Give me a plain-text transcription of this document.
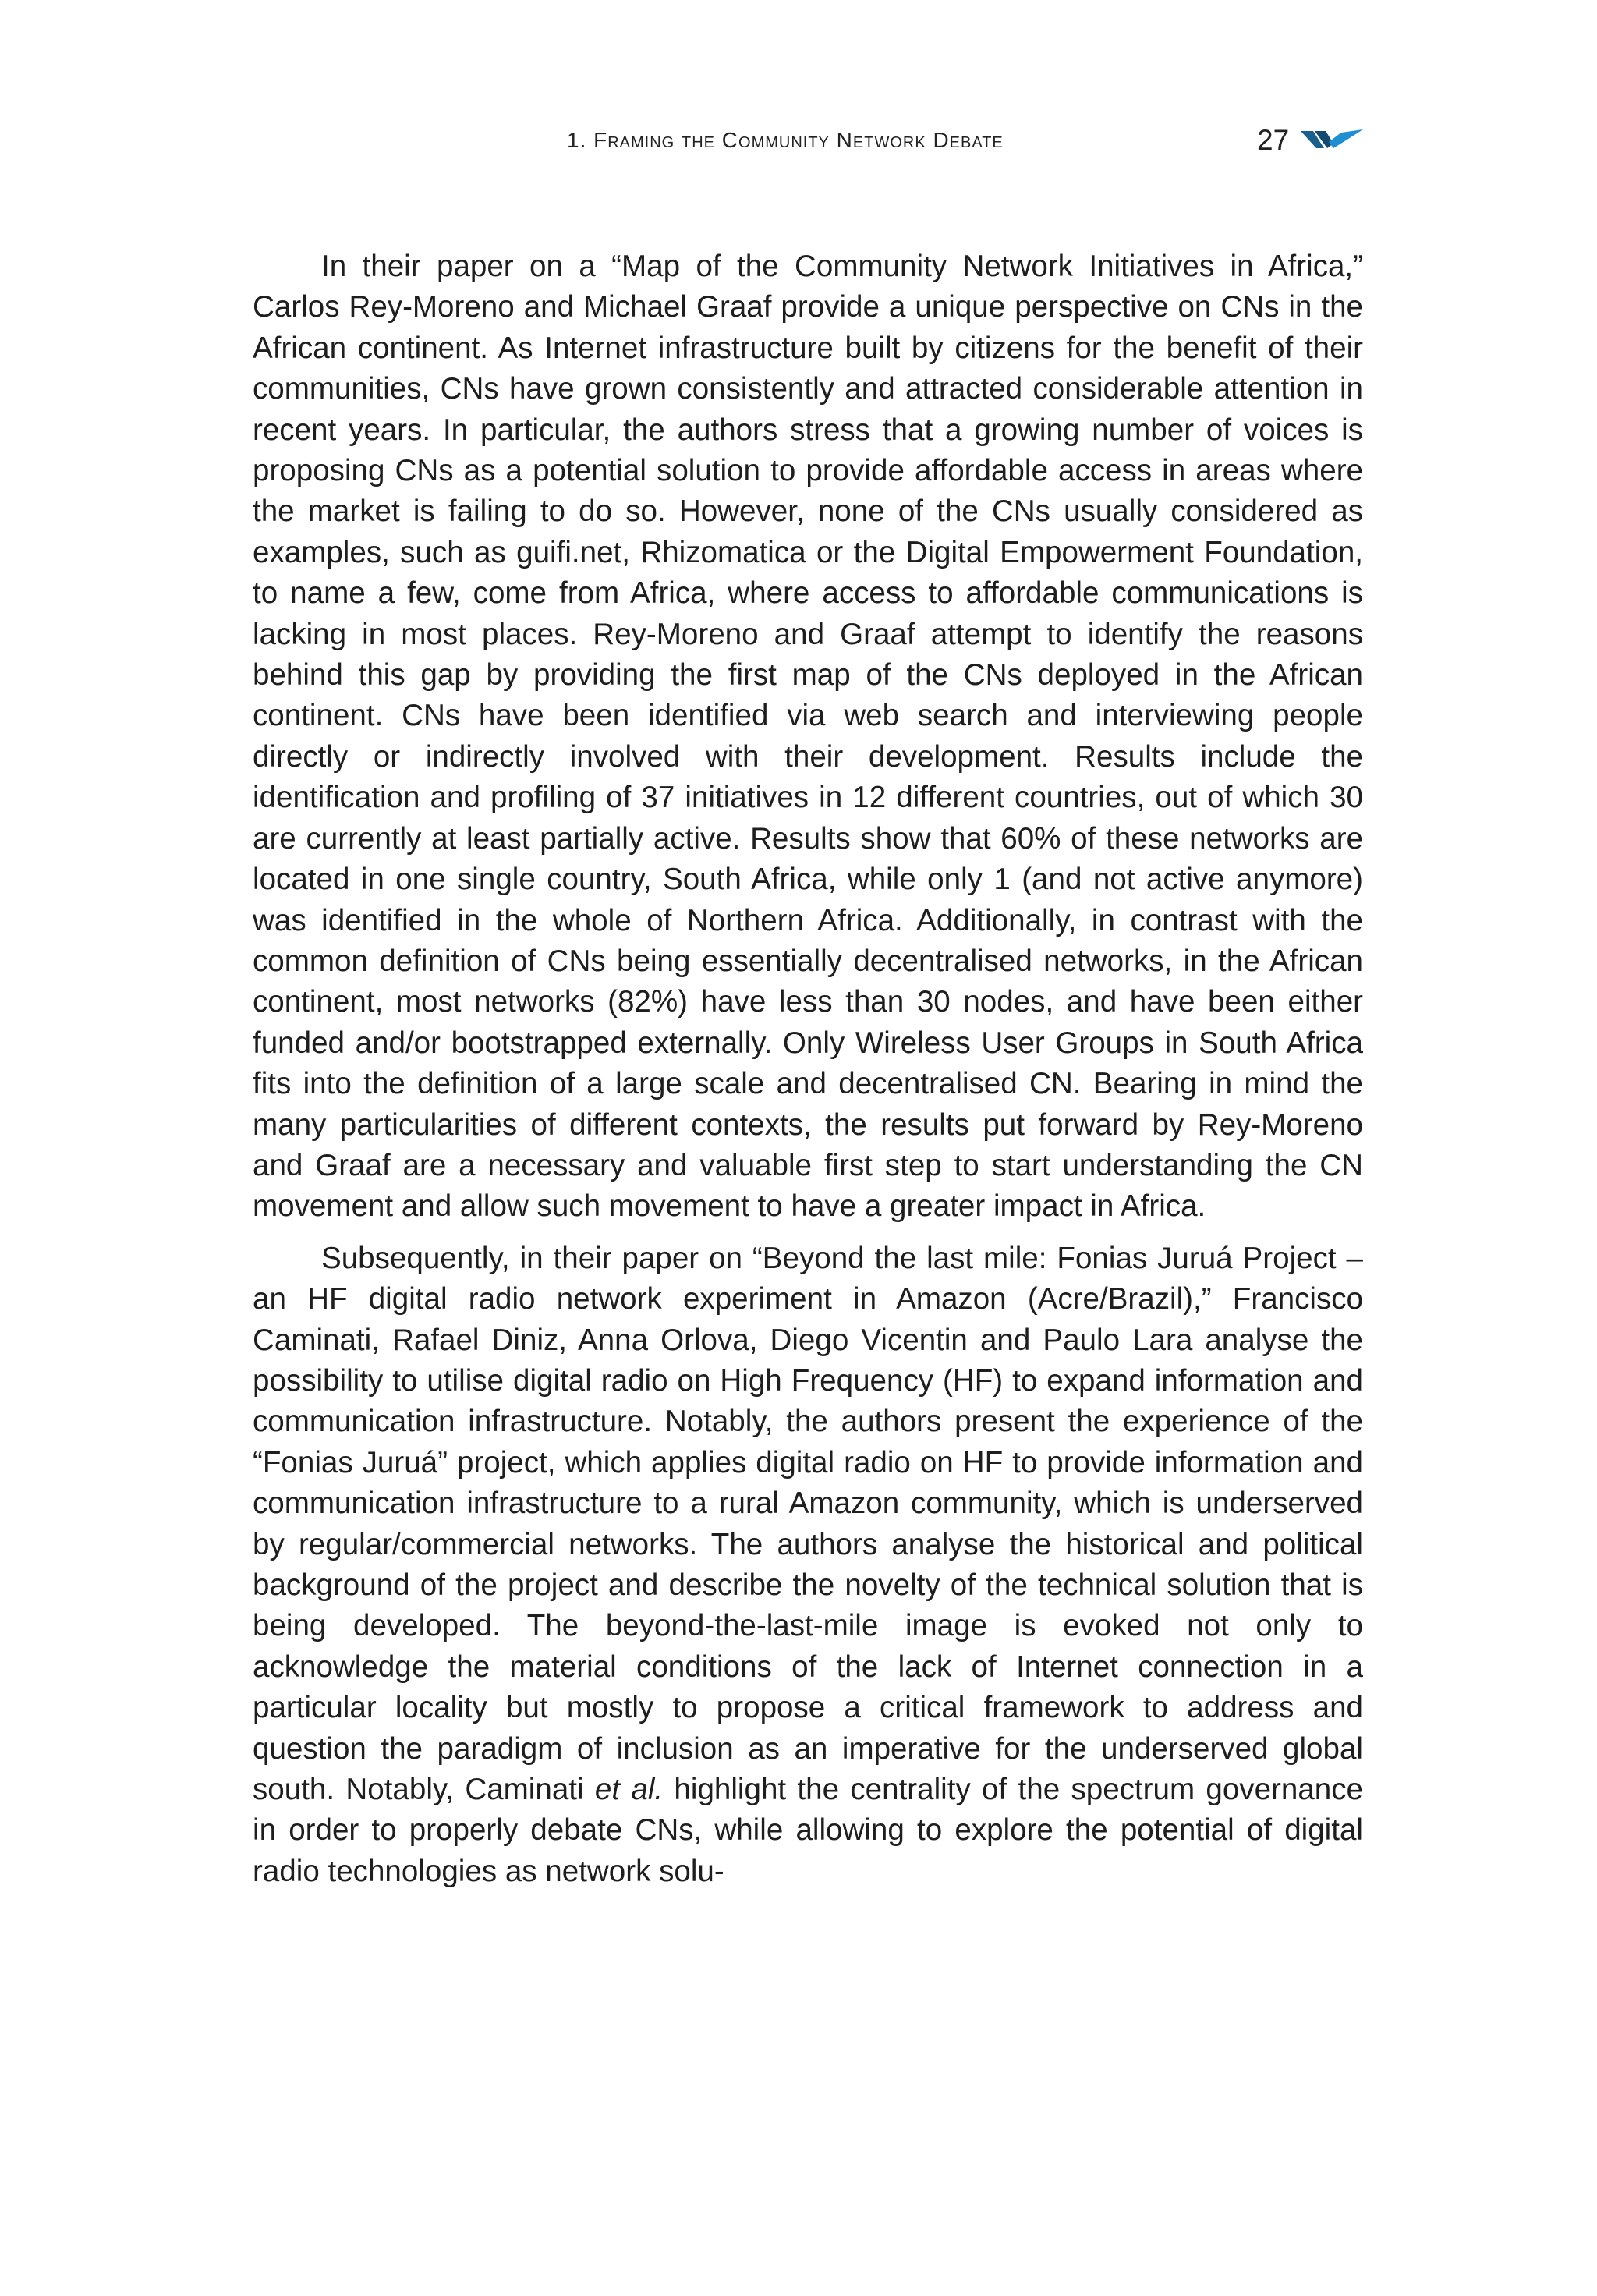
1. Framing the Community Network Debate	27

In their paper on a “Map of the Community Network Initiatives in Africa,” Carlos Rey-Moreno and Michael Graaf provide a unique perspective on CNs in the African continent. As Internet infrastructure built by citizens for the benefit of their communities, CNs have grown consistently and attracted considerable attention in recent years. In particular, the authors stress that a growing number of voices is proposing CNs as a potential solution to provide affordable access in areas where the market is failing to do so. However, none of the CNs usually considered as examples, such as guifi.net, Rhizomatica or the Digital Empowerment Foundation, to name a few, come from Africa, where access to affordable communications is lacking in most places. Rey-Moreno and Graaf attempt to identify the reasons behind this gap by providing the first map of the CNs deployed in the African continent. CNs have been identified via web search and interviewing people directly or indirectly involved with their development. Results include the identification and profiling of 37 initiatives in 12 different countries, out of which 30 are currently at least partially active. Results show that 60% of these networks are located in one single country, South Africa, while only 1 (and not active anymore) was identified in the whole of Northern Africa. Additionally, in contrast with the common definition of CNs being essentially decentralised networks, in the African continent, most networks (82%) have less than 30 nodes, and have been either funded and/or bootstrapped externally. Only Wireless User Groups in South Africa fits into the definition of a large scale and decentralised CN. Bearing in mind the many particularities of different contexts, the results put forward by Rey-Moreno and Graaf are a necessary and valuable first step to start understanding the CN movement and allow such movement to have a greater impact in Africa.

Subsequently, in their paper on “Beyond the last mile: Fonias Juruá Project – an HF digital radio network experiment in Amazon (Acre/Brazil),” Francisco Caminati, Rafael Diniz, Anna Orlova, Diego Vicentin and Paulo Lara analyse the possibility to utilise digital radio on High Frequency (HF) to expand information and communication infrastructure. Notably, the authors present the experience of the “Fonias Juruá” project, which applies digital radio on HF to provide information and communication infrastructure to a rural Amazon community, which is underserved by regular/commercial networks. The authors analyse the historical and political background of the project and describe the novelty of the technical solution that is being developed. The beyond-the-last-mile image is evoked not only to acknowledge the material conditions of the lack of Internet connection in a particular locality but mostly to propose a critical framework to address and question the paradigm of inclusion as an imperative for the underserved global south. Notably, Caminati et al. highlight the centrality of the spectrum governance in order to properly debate CNs, while allowing to explore the potential of digital radio technologies as network solu-
